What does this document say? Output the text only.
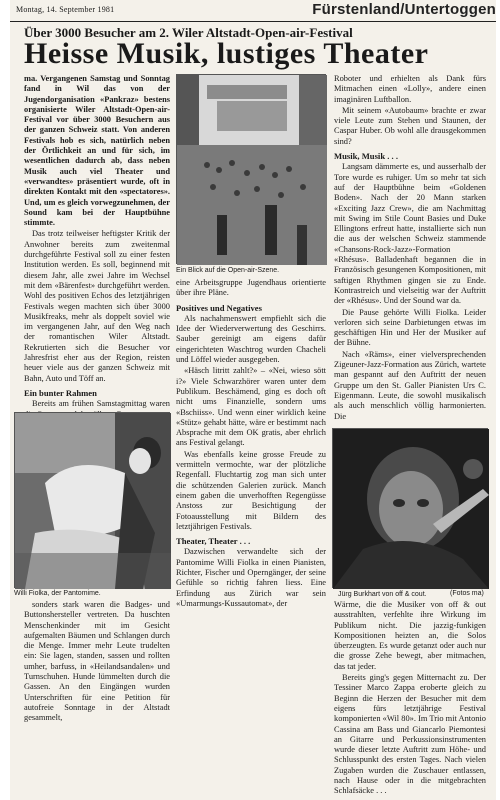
Montag, 14. September 1981	Fürstenland/Untertoggen
Über 3000 Besucher am 2. Wiler Altstadt-Open-air-Festival
Heisse Musik, lustiges Theater

ma. Vergangenen Samstag und Sonntag fand in Wil das von der Jugendorganisation «Pankraz» bestens organisierte Wiler Altstadt-Open-air-Festival vor über 3000 Besuchern aus der ganzen Schweiz statt. Von anderen Festivals hob es sich, natürlich neben der Örtlichkeit an und für sich, im wesentlichen dadurch ab, dass neben Musik auch viel Theater und «verwandtes» präsentiert wurde, oft in direkten Kontakt mit den «spectatores». Und, um es gleich vorwegzunehmen, der Sound kam bei der Hauptbühne stimmte.

Das trotz teilweiser heftigster Kritik der Anwohner bereits zum zweitenmal durchgeführte Festival soll zu einer festen Institution werden. Es soll, beginnend mit diesem Jahr, alle zwei Jahre im Wechsel mit dem «Bärenfest» durchgeführt werden. Wohl des positiven Echos des letztjährigen Festivals wegen machten sich über 3000 Musikfreaks, mehr als doppelt soviel wie im vergangenen Jahr, auf den Weg nach der romantischen Wiler Altstadt. Rekrutierten sich die Besucher vor Jahresfrist eher aus der Region, reisten heuer viele aus der ganzen Schweiz mit Bahn, Auto und Töff an.

Ein bunter Rahmen

Bereits am frühen Samstagmittag waren

Willi Fiolka, der Pantomime.

sonders stark waren die Badges- und Buttonshersteller vertreten. Da huschten Menschenkinder mit im Gesicht aufgemalten Bäumen und Schlangen durch die Menge. Immer mehr Leute trudelten ein: Sie lagen, standen, sassen und rollten umher, barfuss, in «Heilandsandalen» und Turnschuhen. Hunde lümmelten durch die Gassen. An den Eingängen wurden Unterschriften für eine Petition für autofreie Sonntage in der Altstadt gesammelt,

Ein Blick auf die Open-air-Szene.

eine Arbeitsgruppe Jugendhaus orientierte über ihre Pläne.

Positives und Negatives

Als nachahmenswert empfiehlt sich die Idee der Wiederverwertung des Geschirrs. Sauber gereinigt am eigens dafür eingerichteten Waschtrog wurden Chacheli und Löffel wieder ausgegeben.

«Häsch litritt zahlt?» – «Nei, wieso sött i?» Viele Schwarzhörer waren unter dem Publikum. Beschämend, ging es doch oft nicht ums Finanzielle, sondern ums «Bschiiss». Und wenn einer wirklich keine «Stütz» gehabt hätte, wäre er bestimmt nach Absprache mit dem OK gratis, aber ehrlich ans Festival gelangt.

Was ebenfalls keine grosse Freude zu vermitteln vermochte, war der plötzliche Regenfall. Fluchtartig zog man sich unter die schützenden Galerien zurück. Manch einem gaben die unverhofften Regengüsse Anstoss zur Besichtigung der Fotoausstellung mit Bildern des letztjährigen Festivals.

Theater, Theater . . .

Dazwischen verwandelte sich der Pantomime Willi Fiolka in einen Pianisten, Richter, Fischer und Operngänger, der seine Gefühle so richtig fahren liess. Eine Erfindung aus Zürich war sein «Umarmungs-Kussautomat», der

Roboter und erhielten als Dank fürs Mitmachen einen «Lolly», andere einen imaginären Luftballon.

Mit seinem «Autobaum» brachte er zwar viele Leute zum Stehen und Staunen, der Caspar Huber. Ob wohl alle drausgekommen sind?

Musik, Musik . . .

Langsam dämmerte es, und ausserhalb der Tore wurde es ruhiger. Um so mehr tat sich auf der Hauptbühne beim «Goldenen Boden». Nach der 20 Mann starken «Exciting Jazz Crew», die am Nachmittag mit Swing im Stile Count Basies und Duke Ellingtons erfreut hatte, installierte sich nun die aus der welschen Schweiz stammende «Chansons-Rock-Jazz»-Formation «Rhésus». Balladenhaft begannen die in Französisch gesungenen Kompositionen, mit saftigen Rhythmen gingen sie zu Ende. Kontrastreich und vielseitig war der Auftritt der «Rhésus». Und der Sound war da.

Die Pause gehörte Willi Fiolka. Leider verloren sich seine Darbietungen etwas im geschäftigen Hin und Her der Musiker auf der Bühne.

Nach «Räms», einer vielversprechenden Zigeuner-Jazz-Formation aus Zürich, wartete man gespannt auf den Auftritt der neuen Gruppe um den St. Galler Pianisten Urs C. Eigenmann. Leute, die sowohl musikalisch als auch menschlich völlig harmonierten. Die

Jürg Burkhart von off & cout.	(Fotos ma)

Wärme, die die Musiker von off & out ausstrahlten, verfehlte ihre Wirkung im Publikum nicht. Die jazzig-funkigen Kompositionen heizten an, die Solos überzeugten. Es wurde getanzt oder auch nur die grosse Zehe bewegt, aber mitmachen, das tat jeder.

Bereits ging's gegen Mitternacht zu. Der Tessiner Marco Zappa eroberte gleich zu Beginn die Herzen der Besucher mit dem eigens fürs letztjährige Festival komponierten «Wil 80». Im Trio mit Antonio Cassina am Bass und Giancarlo Piemontesi an Gitarre und Perkussionsinstrumenten wurde dieser letzte Auftritt zum Höhe- und Schlusspunkt des ersten Tages. Nach vielen Zugaben wurden die Zuschauer entlassen, nach Hause oder in die mitgebrachten Schlafsäcke . . .
